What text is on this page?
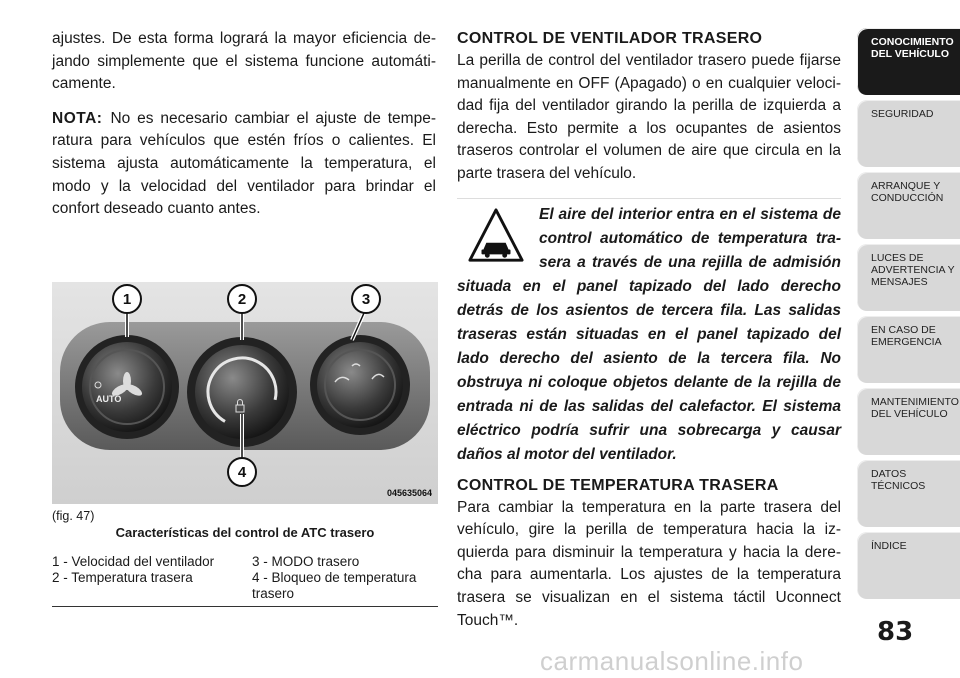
ajustes. De esta forma logrará la mayor eficiencia de-jando simplemente que el sistema funcione automáti-camente.

NOTA: No es necesario cambiar el ajuste de tempe-ratura para vehículos que estén fríos o calientes. El sistema ajusta automáticamente la temperatura, el modo y la velocidad del ventilador para brindar el confort deseado cuanto antes.

AUTO
1	2	3
4
045635064
(fig. 47)
Características del control de ATC trasero
1 - Velocidad del ventilador	3 - MODO trasero
2 - Temperatura trasera	4 - Bloqueo de temperatura trasero
CONTROL DE VENTILADOR TRASERO

La perilla de control del ventilador trasero puede fijarse manualmente en OFF (Apagado) o en cualquier veloci-dad fija del ventilador girando la perilla de izquierda a derecha. Esto permite a los ocupantes de asientos traseros controlar el volumen de aire que circula en la parte trasera del vehículo.

El aire del interior entra en el sistema de control automático de temperatura tra-sera a través de una rejilla de admisión situada en el panel tapizado del lado derecho detrás de los asientos de tercera fila. Las salidas traseras están situadas en el panel tapizado del lado derecho del asiento de la tercera fila. No obstruya ni coloque objetos delante de la rejilla de entrada ni de las salidas del calefactor. El sistema eléctrico podría sufrir una sobrecarga y causar daños al motor del ventilador.
CONTROL DE TEMPERATURA TRASERA

Para cambiar la temperatura en la parte trasera del vehículo, gire la perilla de temperatura hacia la iz-quierda para disminuir la temperatura y hacia la dere-cha para aumentarla. Los ajustes de la temperatura trasera se visualizan en el sistema táctil Uconnect Touch™.

CONOCIMIENTO DEL VEHÍCULO
SEGURIDAD
ARRANQUE Y CONDUCCIÓN
LUCES DE ADVERTENCIA Y MENSAJES
EN CASO DE EMERGENCIA
MANTENIMIENTO DEL VEHÍCULO
DATOS TÉCNICOS
ÍNDICE
83
carmanualsonline.info
